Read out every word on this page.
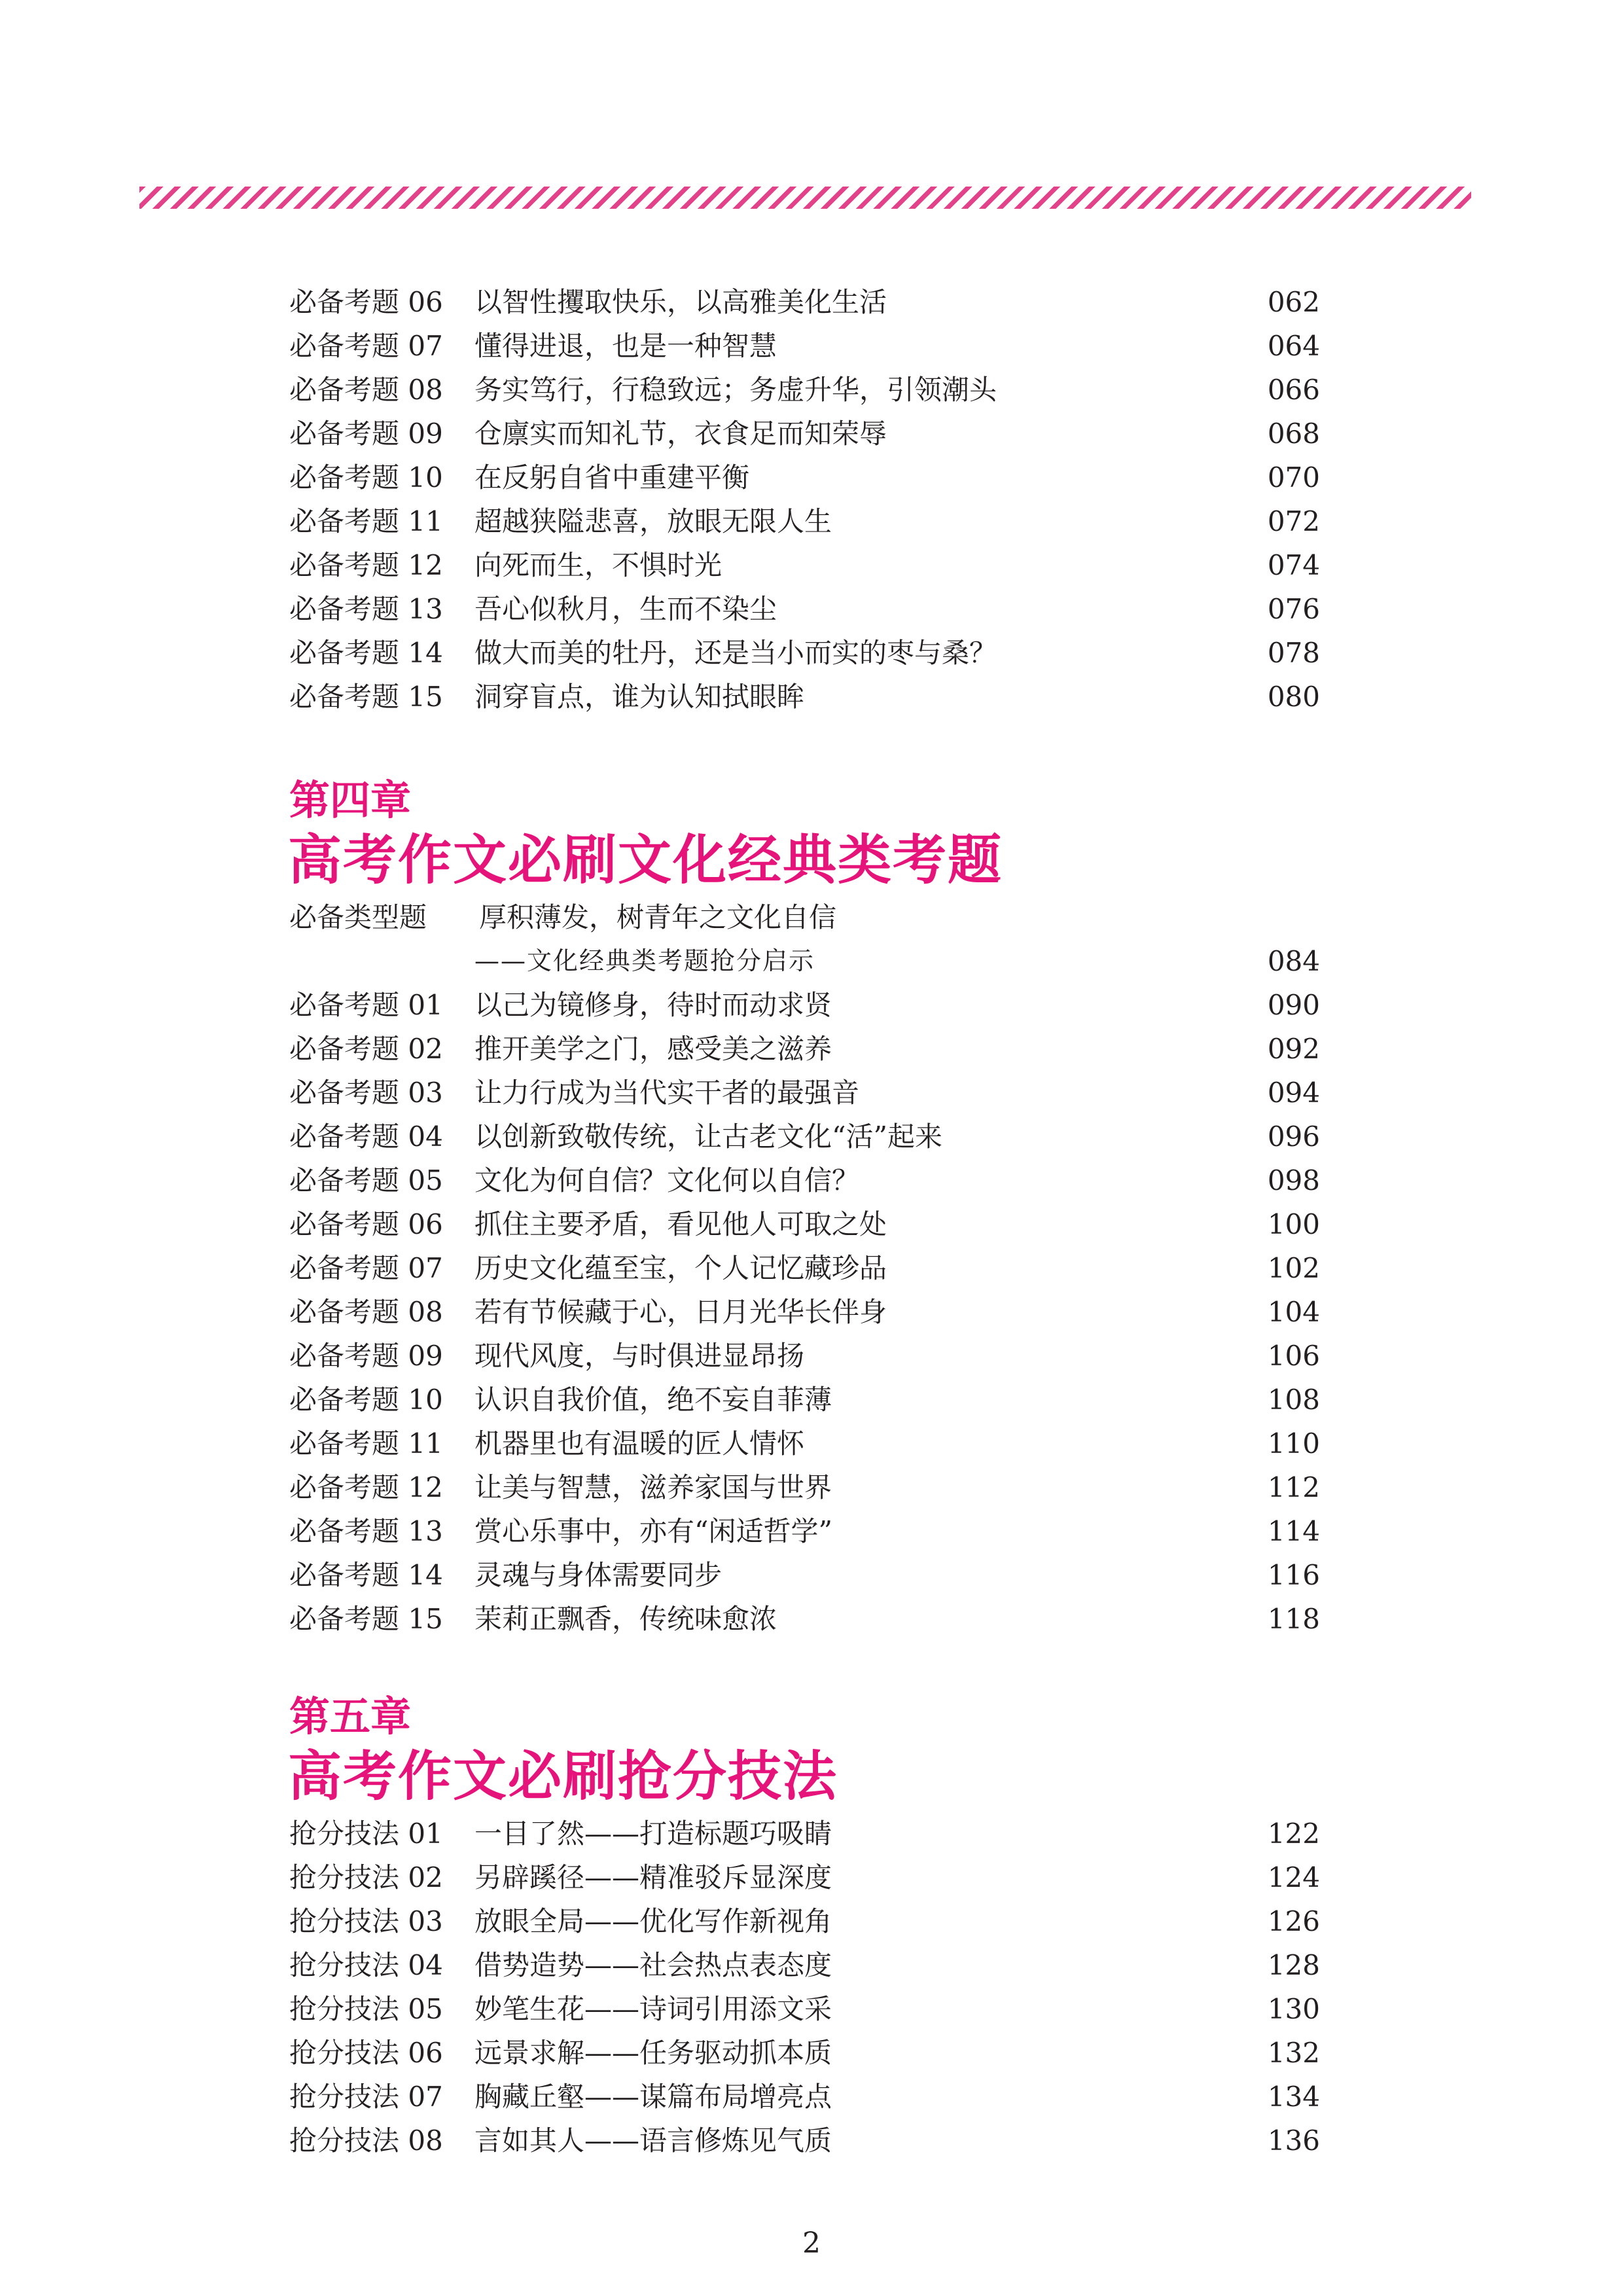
必备考题 06 以智性攫取快乐，以高雅美化生活	062
必备考题 07 懂得进退，也是一种智慧	064
必备考题 08 务实笃行，行稳致远；务虚升华，引领潮头	066
必备考题 09 仓廪实而知礼节，衣食足而知荣辱	068
必备考题 10 在反躬自省中重建平衡	070
必备考题 11 超越狭隘悲喜，放眼无限人生	072
必备考题 12 向死而生，不惧时光	074
必备考题 13 吾心似秋月，生而不染尘	076
必备考题 14 做大而美的牡丹，还是当小而实的枣与桑？	078
必备考题 15 洞穿盲点，谁为认知拭眼眸	080
第四章
高考作文必刷文化经典类考题
必备类型题 厚积薄发，树青年之文化自信
——文化经典类考题抢分启示	084
必备考题 01 以己为镜修身，待时而动求贤	090
必备考题 02 推开美学之门，感受美之滋养	092
必备考题 03 让力行成为当代实干者的最强音	094
必备考题 04 以创新致敬传统，让古老文化“活”起来	096
必备考题 05 文化为何自信？文化何以自信？	098
必备考题 06 抓住主要矛盾，看见他人可取之处	100
必备考题 07 历史文化蕴至宝，个人记忆藏珍品	102
必备考题 08 若有节候藏于心，日月光华长伴身	104
必备考题 09 现代风度，与时俱进显昂扬	106
必备考题 10 认识自我价值，绝不妄自菲薄	108
必备考题 11 机器里也有温暖的匠人情怀	110
必备考题 12 让美与智慧，滋养家国与世界	112
必备考题 13 赏心乐事中，亦有“闲适哲学”	114
必备考题 14 灵魂与身体需要同步	116
必备考题 15 茉莉正飘香，传统味愈浓	118
第五章
高考作文必刷抢分技法
抢分技法 01 一目了然——打造标题巧吸睛	122
抢分技法 02 另辟蹊径——精准驳斥显深度	124
抢分技法 03 放眼全局——优化写作新视角	126
抢分技法 04 借势造势——社会热点表态度	128
抢分技法 05 妙笔生花——诗词引用添文采	130
抢分技法 06 远景求解——任务驱动抓本质	132
抢分技法 07 胸藏丘壑——谋篇布局增亮点	134
抢分技法 08 言如其人——语言修炼见气质	136
2
